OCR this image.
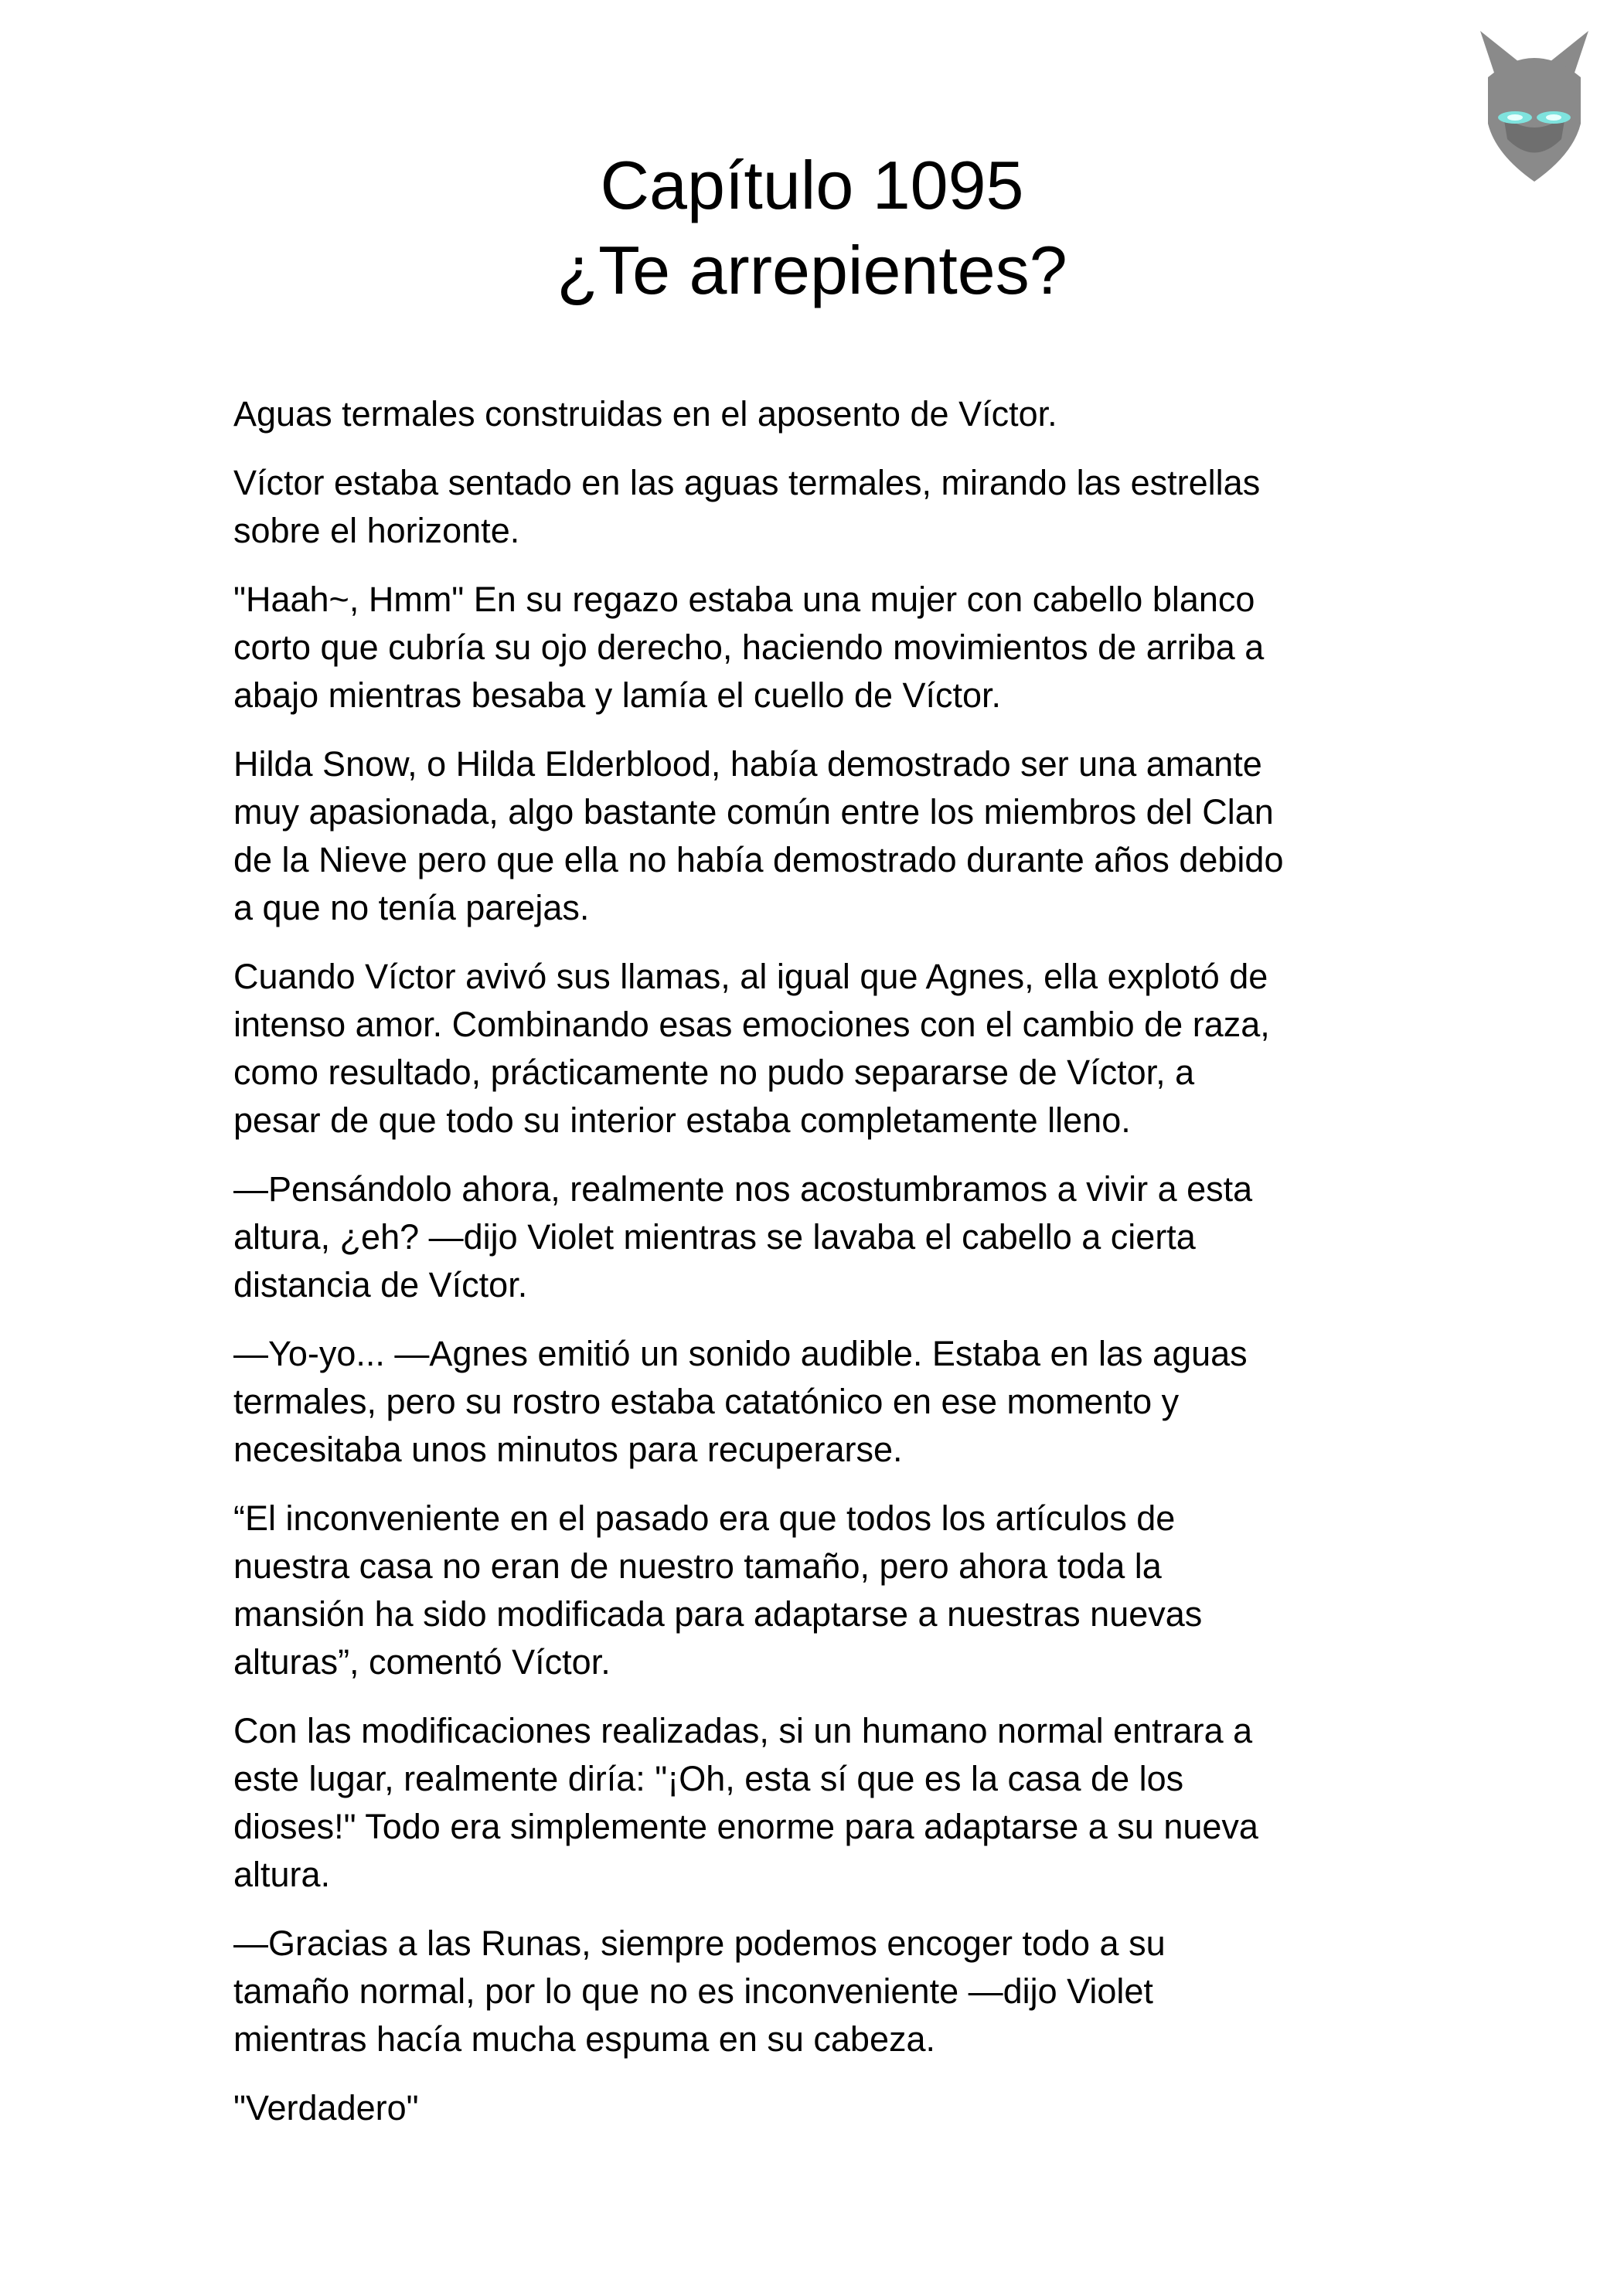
Capítulo 1095
¿Te arrepientes?

Aguas termales construidas en el aposento de Víctor.

Víctor estaba sentado en las aguas termales, mirando las estrellas
sobre el horizonte.

"Haah~, Hmm" En su regazo estaba una mujer con cabello blanco
corto que cubría su ojo derecho, haciendo movimientos de arriba a
abajo mientras besaba y lamía el cuello de Víctor.

Hilda Snow, o Hilda Elderblood, había demostrado ser una amante
muy apasionada, algo bastante común entre los miembros del Clan
de la Nieve pero que ella no había demostrado durante años debido
a que no tenía parejas.

Cuando Víctor avivó sus llamas, al igual que Agnes, ella explotó de
intenso amor. Combinando esas emociones con el cambio de raza,
como resultado, prácticamente no pudo separarse de Víctor, a
pesar de que todo su interior estaba completamente lleno.

—Pensándolo ahora, realmente nos acostumbramos a vivir a esta
altura, ¿eh? —dijo Violet mientras se lavaba el cabello a cierta
distancia de Víctor.

—Yo-yo... —Agnes emitió un sonido audible. Estaba en las aguas
termales, pero su rostro estaba catatónico en ese momento y
necesitaba unos minutos para recuperarse.

“El inconveniente en el pasado era que todos los artículos de
nuestra casa no eran de nuestro tamaño, pero ahora toda la
mansión ha sido modificada para adaptarse a nuestras nuevas
alturas”, comentó Víctor.

Con las modificaciones realizadas, si un humano normal entrara a
este lugar, realmente diría: "¡Oh, esta sí que es la casa de los
dioses!" Todo era simplemente enorme para adaptarse a su nueva
altura.

—Gracias a las Runas, siempre podemos encoger todo a su
tamaño normal, por lo que no es inconveniente —dijo Violet
mientras hacía mucha espuma en su cabeza.

"Verdadero"
